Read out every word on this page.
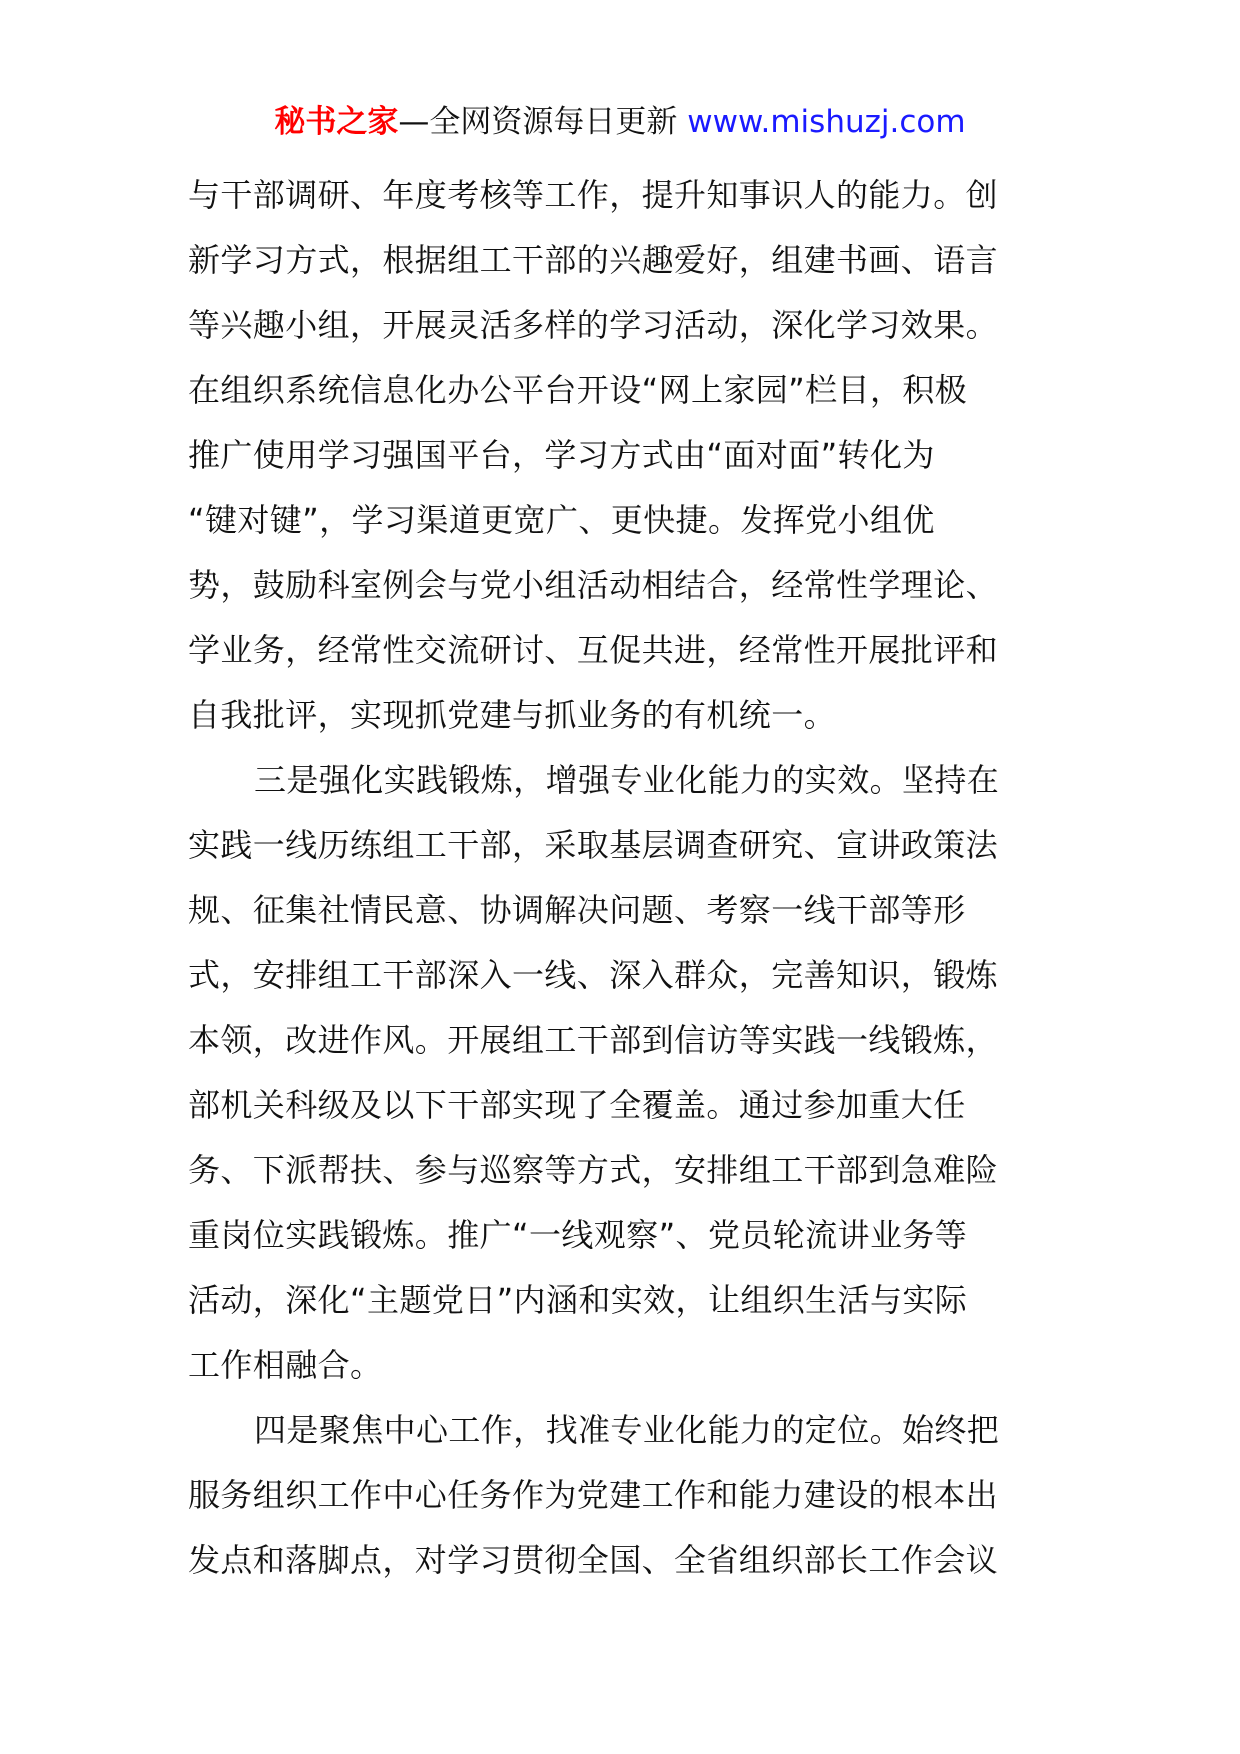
秘书之家—全网资源每日更新 www.mishuzj.com
与干部调研、年度考核等工作，提升知事识人的能力。创
新学习方式，根据组工干部的兴趣爱好，组建书画、语言
等兴趣小组，开展灵活多样的学习活动，深化学习效果。
在组织系统信息化办公平台开设“网上家园”栏目，积极
推广使用学习强国平台，学习方式由“面对面”转化为
“键对键”，学习渠道更宽广、更快捷。发挥党小组优
势，鼓励科室例会与党小组活动相结合，经常性学理论、
学业务，经常性交流研讨、互促共进，经常性开展批评和
自我批评，实现抓党建与抓业务的有机统一。
三是强化实践锻炼，增强专业化能力的实效。坚持在
实践一线历练组工干部，采取基层调查研究、宣讲政策法
规、征集社情民意、协调解决问题、考察一线干部等形
式，安排组工干部深入一线、深入群众，完善知识，锻炼
本领，改进作风。开展组工干部到信访等实践一线锻炼，
部机关科级及以下干部实现了全覆盖。通过参加重大任
务、下派帮扶、参与巡察等方式，安排组工干部到急难险
重岗位实践锻炼。推广“一线观察”、党员轮流讲业务等
活动，深化“主题党日”内涵和实效，让组织生活与实际
工作相融合。
四是聚焦中心工作，找准专业化能力的定位。始终把
服务组织工作中心任务作为党建工作和能力建设的根本出
发点和落脚点，对学习贯彻全国、全省组织部长工作会议
